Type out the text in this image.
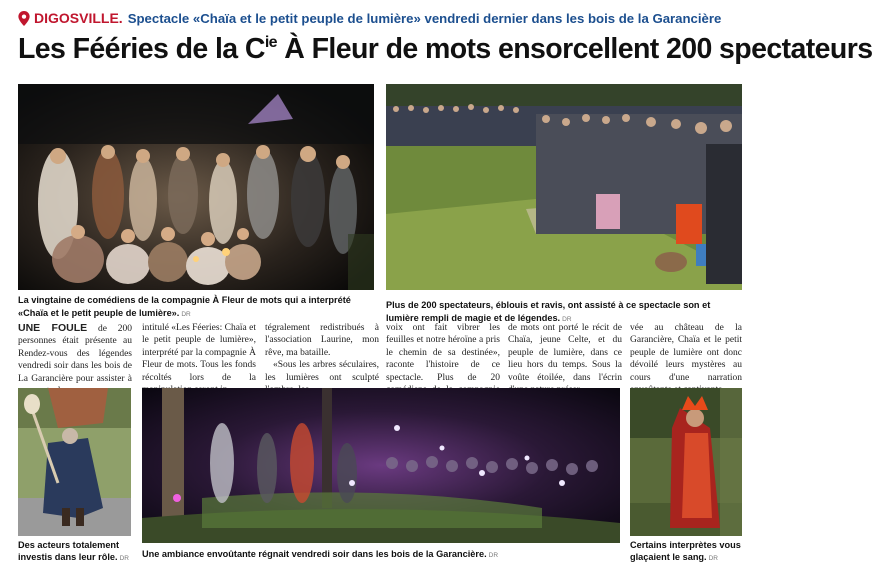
DIGOSVILLE. Spectacle «Chaïa et le petit peuple de lumière» vendredi dernier dans les bois de la Garancière
Les Fééries de la $C^{ie}$ À Fleur de mots ensorcellent 200 spectateurs
La vingtaine de comédiens de la compagnie À Fleur de mots qui a interprété «Chaïa et le petit peuple de lumière». DR
Plus de 200 spectateurs, éblouis et ravis, ont assisté à ce spectacle son et lumière rempli de magie et de légendes. DR

UNE FOULE de 200 personnes était présente au Rendez-vous des légendes vendredi soir dans les bois de La Garancière pour assister à

intitulé «Les Féeries: Chaïa et le petit peuple de lumière», interprété par la compagnie À Fleur de mots. Tous les fonds récoltés lors de la

tégralement redistribués à l'association Laurine, mon rêve, ma bataille.

«Sous les arbres séculaires, les lumières ont sculpté

voix ont fait vibrer les feuilles et notre héroïne a pris le chemin de sa destinée», raconte l'histoire de ce spectacle. Plus de 20

de mots ont porté le récit de Chaïa, jeune Celte, et du peuple de lumière, dans ce lieu hors du temps. Sous la voûte étoilée, dans l'écrin

vée au château de la Garancière, Chaïa et le petit peuple de lumière ont donc dévoilé leurs mystères au cours d'une narration

Des acteurs totalement investis dans leur rôle. DR	Une ambiance envoûtante régnait vendredi soir dans les bois de la Garancière. DR
Certains interprètes vous glaçaient le sang. DR
